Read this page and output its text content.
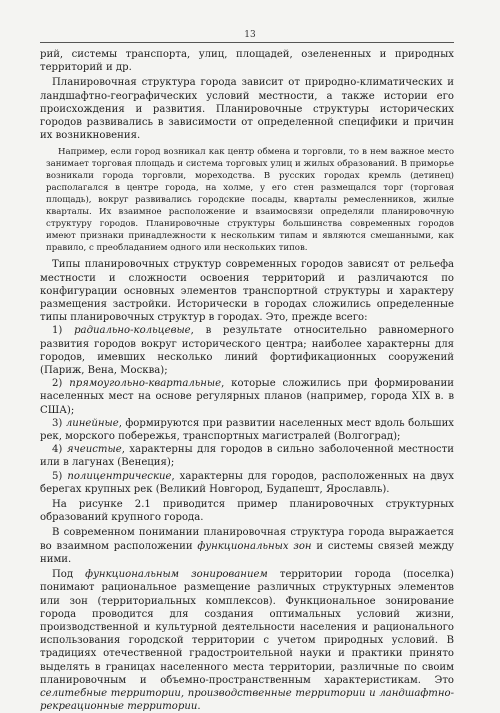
13

рий, системы транспорта, улиц, площадей, озелененных и природных территорий и др.

Планировочная структура города зависит от природно-климатических и ландшафтно-географических условий местности, а также истории его происхождения и развития. Планировочные структуры исторических городов развивались в зависимости от определенной специфики и причин их возникновения.

Например, если город возникал как центр обмена и торговли, то в нем важное место занимает торговая площадь и система торговых улиц и жилых образований. В приморье возникали города торговли, мореходства. В русских городах кремль (детинец) располагался в центре города, на холме, у его стен размещался торг (торговая площадь), вокруг развивались городские посады, кварталы ремесленников, жилые кварталы. Их взаимное расположение и взаимосвязи определяли планировочную структуру городов. Планировочные структуры большинства современных городов имеют признаки принадлежности к нескольким типам и являются смешанными, как правило, с преобладанием одного или нескольких типов.

Типы планировочных структур современных городов зависят от рельефа местности и сложности освоения территорий и различаются по конфигурации основных элементов транспортной структуры и характеру размещения застройки. Исторически в городах сложились определенные типы планировочных структур в городах. Это, прежде всего:

1) радиально-кольцевые, в результате относительно равномерного развития городов вокруг исторического центра; наиболее характерны для городов, имевших несколько линий фортификационных сооружений (Париж, Вена, Москва);

2) прямоугольно-квартальные, которые сложились при формировании населенных мест на основе регулярных планов (например, города XIX в. в США);

3) линейные, формируются при развитии населенных мест вдоль больших рек, морского побережья, транспортных магистралей (Волгоград);

4) ячеистые, характерны для городов в сильно заболоченной местности или в лагунах (Венеция);

5) полицентрические, характерны для городов, расположенных на двух берегах крупных рек (Великий Новгород, Будапешт, Ярославль).

На рисунке 2.1 приводится пример планировочных структурных образований крупного города.

В современном понимании планировочная структура города выражается во взаимном расположении функциональных зон и системы связей между ними.

Под функциональным зонированием территории города (поселка) понимают рациональное размещение различных структурных элементов или зон (территориальных комплексов). Функциональное зонирование города проводится для создания оптимальных условий жизни, производственной и культурной деятельности населения и рационального использования городской территории с учетом природных условий. В традициях отечественной градостроительной науки и практики принято выделять в границах населенного места территории, различные по своим планировочным и объемно-пространственным характеристикам. Это селитебные территории, производственные территории и ландшафтно-рекреационные территории.
